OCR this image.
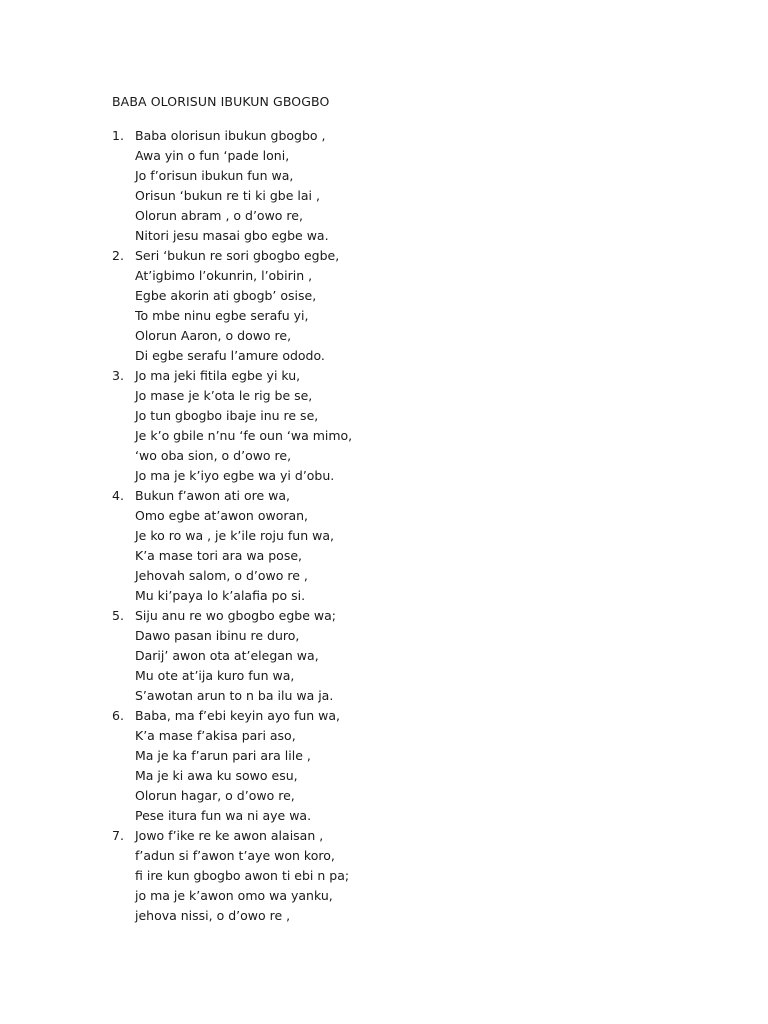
BABA OLORISUN IBUKUN GBOGBO
1. Baba olorisun ibukun gbogbo ,
Awa yin o fun ‘pade loni,
Jo f’orisun ibukun fun wa,
Orisun ‘bukun re ti ki gbe lai ,
Olorun abram , o d’owo re,
Nitori jesu masai gbo egbe wa.
2. Seri ‘bukun re sori gbogbo egbe,
At’igbimo l’okunrin, l’obirin ,
Egbe akorin ati gbogb’ osise,
To mbe ninu egbe serafu yi,
Olorun Aaron, o dowo re,
Di egbe serafu l’amure ododo.
3. Jo ma jeki fitila egbe yi ku,
Jo mase je k’ota le rig be se,
Jo tun gbogbo ibaje inu re se,
Je k’o gbile n’nu ‘fe oun ‘wa mimo,
‘wo oba sion, o d’owo re,
Jo ma je k’iyo egbe wa yi d’obu.
4. Bukun f’awon ati ore wa,
Omo egbe at’awon oworan,
Je ko ro wa , je k’ile roju fun wa,
K’a mase tori ara wa pose,
Jehovah salom, o d’owo re ,
Mu ki’paya lo k’alafia po si.
5. Siju anu re wo gbogbo egbe wa;
Dawo pasan ibinu re duro,
Darij’ awon ota at’elegan wa,
Mu ote at’ija kuro fun wa,
S’awotan arun to n ba ilu wa ja.
6. Baba, ma f’ebi keyin ayo fun wa,
K’a mase f’akisa pari aso,
Ma je ka f’arun pari ara lile ,
Ma je ki awa ku sowo esu,
Olorun hagar, o d’owo re,
Pese itura fun wa ni aye wa.
7. Jowo f’ike re ke awon alaisan ,
f’adun si f’awon t’aye won koro,
fi ire kun gbogbo awon ti ebi n pa;
jo ma je k’awon omo wa yanku,
jehova nissi, o d’owo re ,
